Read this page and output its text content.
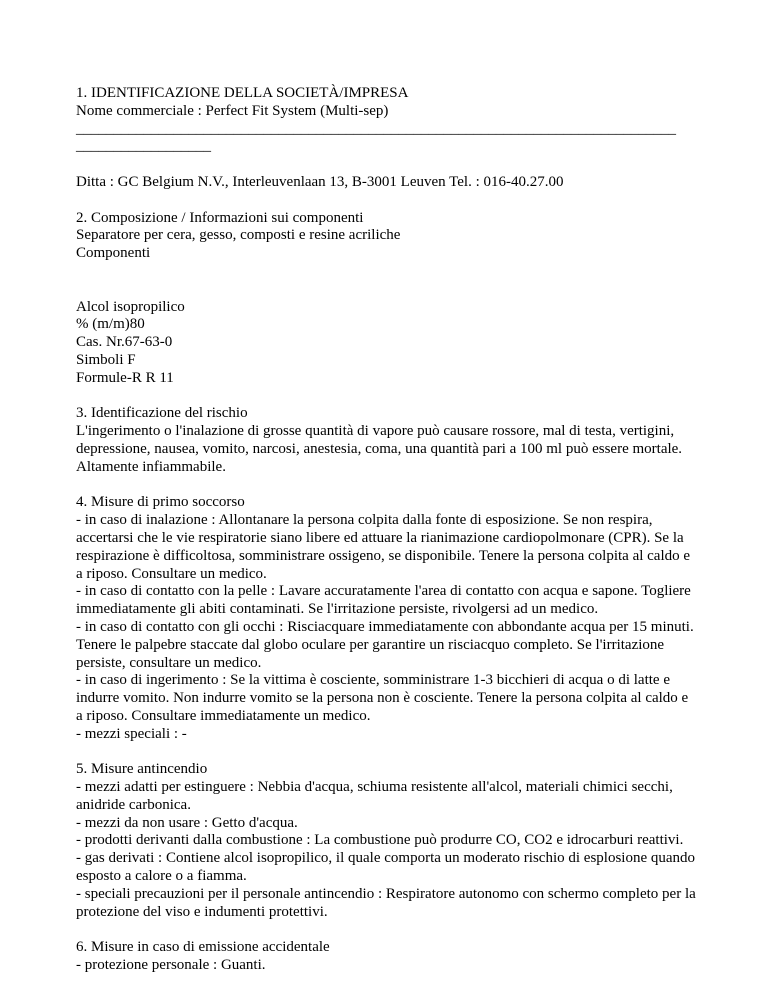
1. IDENTIFICAZIONE DELLA SOCIETÀ/IMPRESA
Nome commerciale : Perfect Fit System (Multi-sep)
________________________________________________________________________________
__________________
Ditta : GC Belgium N.V., Interleuvenlaan 13, B-3001 Leuven Tel. : 016-40.27.00
2. Composizione / Informazioni sui componenti
Separatore per cera, gesso, composti e resine acriliche
Componenti
Alcol isopropilico
% (m/m)80
Cas. Nr.67-63-0
Simboli F
Formule-R R 11
3. Identificazione del rischio
L'ingerimento o l'inalazione di grosse quantità di vapore può causare rossore, mal di testa, vertigini, depressione, nausea, vomito, narcosi, anestesia, coma, una quantità pari a 100 ml può essere mortale. Altamente infiammabile.
4. Misure di primo soccorso
- in caso di inalazione : Allontanare la persona colpita dalla fonte di esposizione. Se non respira, accertarsi che le vie respiratorie siano libere ed attuare la rianimazione cardiopolmonare (CPR). Se la respirazione è difficoltosa, somministrare ossigeno, se disponibile. Tenere la persona colpita al caldo e a riposo. Consultare un medico.
- in caso di contatto con la pelle : Lavare accuratamente l'area di contatto con acqua e sapone. Togliere immediatamente gli abiti contaminati. Se l'irritazione persiste, rivolgersi ad un medico.
- in caso di contatto con gli occhi : Risciacquare immediatamente con abbondante acqua per 15 minuti. Tenere le palpebre staccate dal globo oculare per garantire un risciacquo completo. Se l'irritazione persiste, consultare un medico.
- in caso di ingerimento : Se la vittima è cosciente, somministrare 1-3 bicchieri di acqua o di latte e indurre vomito. Non indurre vomito se la persona non è cosciente. Tenere la persona colpita al caldo e a riposo. Consultare immediatamente un medico.
- mezzi speciali : -
5. Misure antincendio
- mezzi adatti per estinguere : Nebbia d'acqua, schiuma resistente all'alcol, materiali chimici secchi, anidride carbonica.
- mezzi da non usare : Getto d'acqua.
- prodotti derivanti dalla combustione : La combustione può produrre CO, CO2 e idrocarburi reattivi.
- gas derivati : Contiene alcol isopropilico, il quale comporta un moderato rischio di esplosione quando esposto a calore o a fiamma.
- speciali precauzioni per il personale antincendio : Respiratore autonomo con schermo completo per la protezione del viso e indumenti protettivi.
6. Misure in caso di emissione accidentale
- protezione personale : Guanti.
